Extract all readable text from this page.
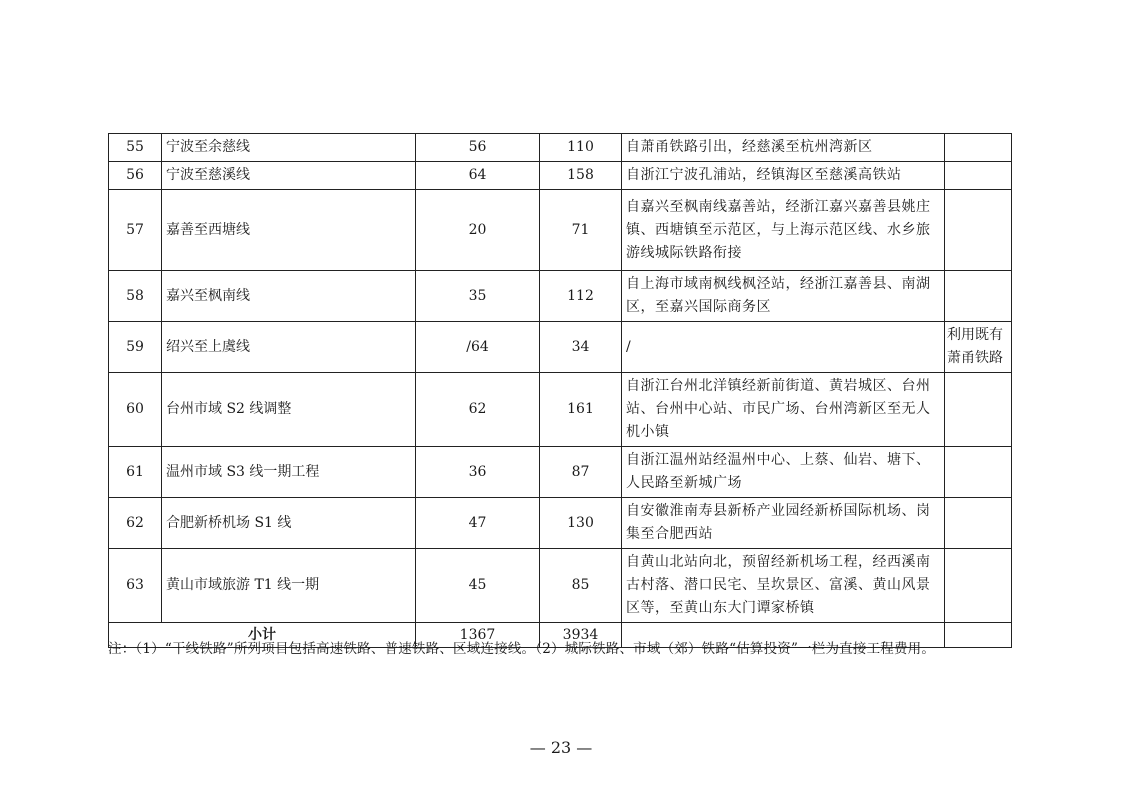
55	宁波至余慈线	56	110	自萧甬铁路引出，经慈溪至杭州湾新区	
56	宁波至慈溪线	64	158	自浙江宁波孔浦站，经镇海区至慈溪高铁站	
57	嘉善至西塘线	20	71	自嘉兴至枫南线嘉善站，经浙江嘉兴嘉善县姚庄镇、西塘镇至示范区，与上海示范区线、水乡旅游线城际铁路衔接	
58	嘉兴至枫南线	35	112	自上海市域南枫线枫泾站，经浙江嘉善县、南湖区，至嘉兴国际商务区	
59	绍兴至上虞线	/64	34	/	利用既有萧甬铁路
60	台州市域 S2 线调整	62	161	自浙江台州北洋镇经新前街道、黄岩城区、台州站、台州中心站、市民广场、台州湾新区至无人机小镇	
61	温州市域 S3 线一期工程	36	87	自浙江温州站经温州中心、上蔡、仙岩、塘下、人民路至新城广场	
62	合肥新桥机场 S1 线	47	130	自安徽淮南寿县新桥产业园经新桥国际机场、岗集至合肥西站	
63	黄山市域旅游 T1 线一期	45	85	自黄山北站向北，预留经新机场工程，经西溪南古村落、潜口民宅、呈坎景区、富溪、黄山风景区等，至黄山东大门谭家桥镇	
小计		1367	3934		
注：（1）“干线铁路”所列项目包括高速铁路、普速铁路、区域连接线。（2）城际铁路、市域（郊）铁路“估算投资”一栏为直接工程费用。
— 23 —
